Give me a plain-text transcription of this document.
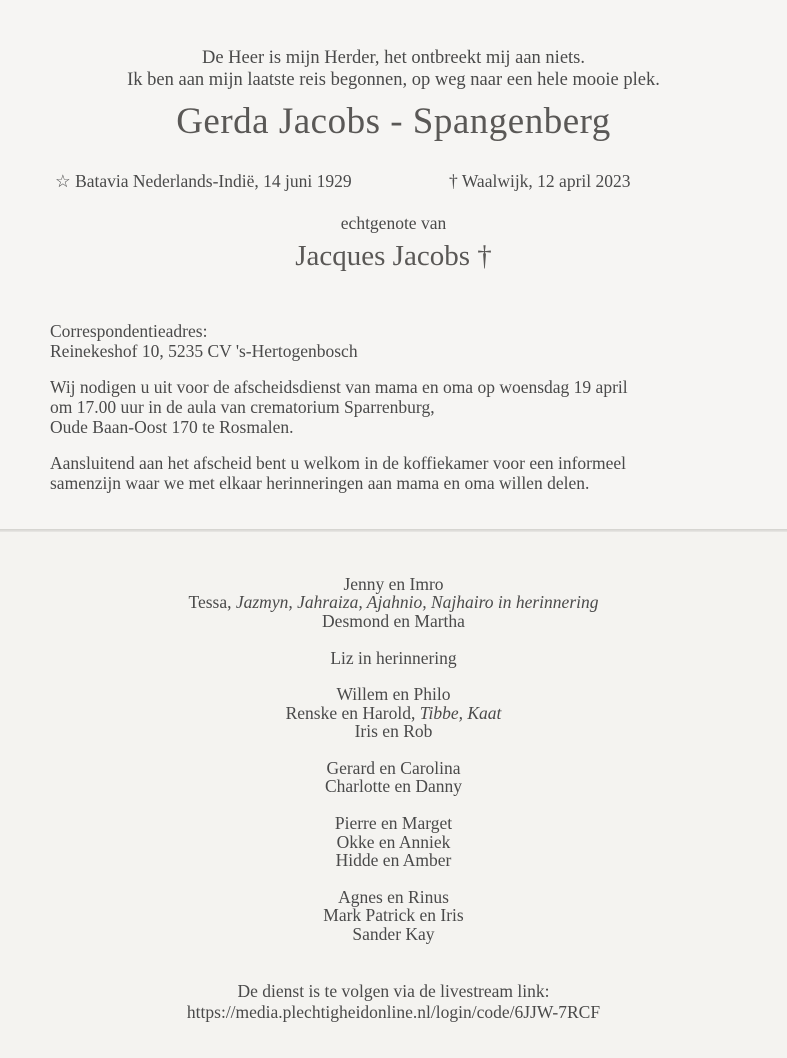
De Heer is mijn Herder, het ontbreekt mij aan niets.
Ik ben aan mijn laatste reis begonnen, op weg naar een hele mooie plek.
Gerda Jacobs - Spangenberg
☆ Batavia Nederlands-Indië, 14 juni 1929	† Waalwijk, 12 april 2023
echtgenote van
Jacques Jacobs †
Correspondentieadres:
Reinekeshof 10, 5235 CV 's-Hertogenbosch
Wij nodigen u uit voor de afscheidsdienst van mama en oma op woensdag 19 april
om 17.00 uur in de aula van crematorium Sparrenburg,
Oude Baan-Oost 170 te Rosmalen.
Aansluitend aan het afscheid bent u welkom in de koffiekamer voor een informeel
samenzijn waar we met elkaar herinneringen aan mama en oma willen delen.
Jenny en Imro
Tessa, Jazmyn, Jahraiza, Ajahnio, Najhairo in herinnering
Desmond en Martha
Liz in herinnering
Willem en Philo
Renske en Harold, Tibbe, Kaat
Iris en Rob
Gerard en Carolina
Charlotte en Danny
Pierre en Marget
Okke en Anniek
Hidde en Amber
Agnes en Rinus
Mark Patrick en Iris
Sander Kay
De dienst is te volgen via de livestream link:
https://media.plechtigheidonline.nl/login/code/6JJW-7RCF
